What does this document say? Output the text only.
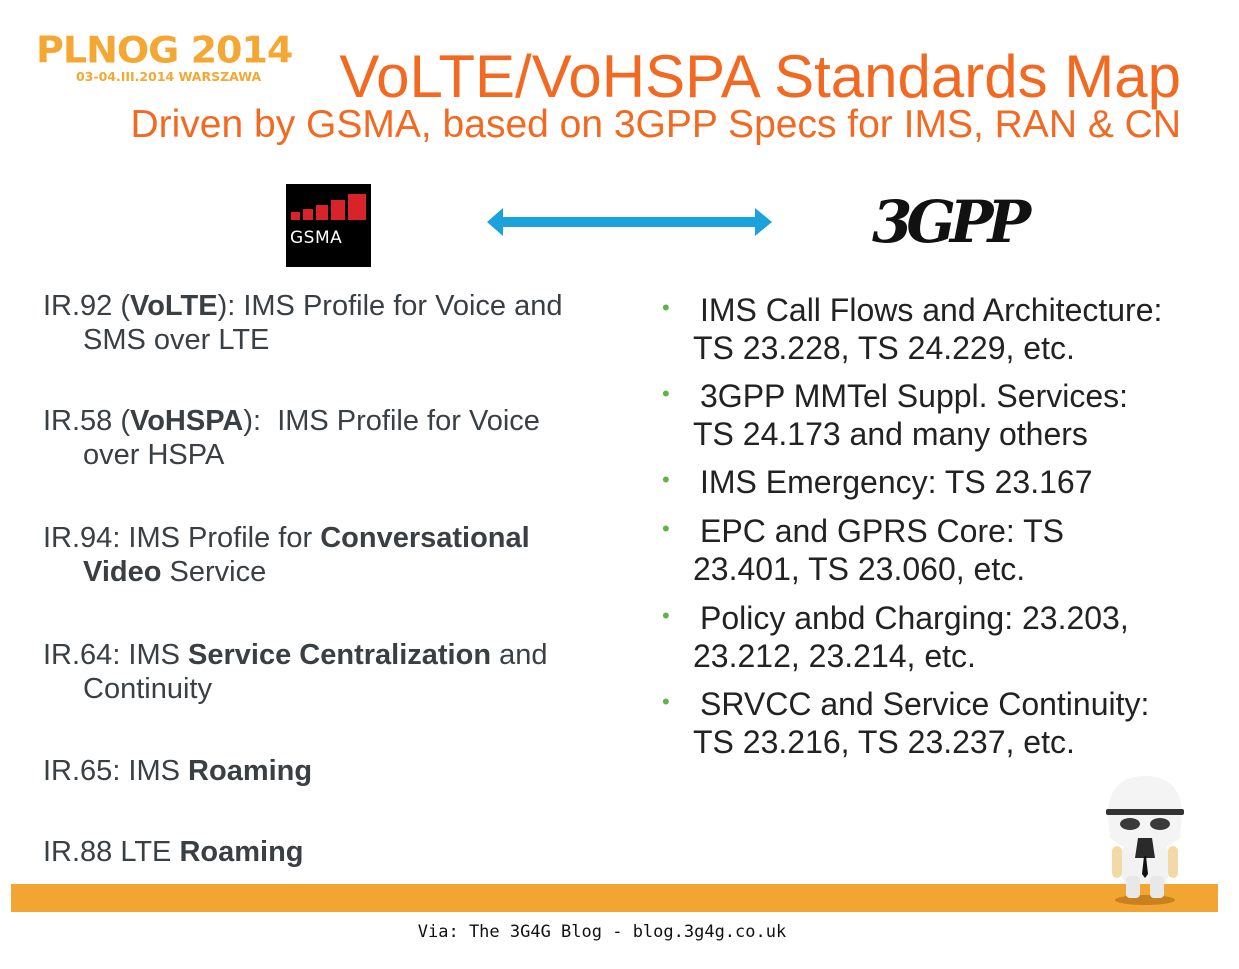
PLNOG 2014
03-04.III.2014 WARSZAWA VoLTE/VoHSPA Standards Map
Driven by GSMA, based on 3GPP Specs for IMS, RAN & CN
GSMA	3GPP
IR.92 (VoLTE): IMS Profile for Voice and
SMS over LTE
IR.58 (VoHSPA):  IMS Profile for Voice
over HSPA
IR.94: IMS Profile for Conversational
Video Service
IR.64: IMS Service Centralization and
Continuity
IR.65: IMS Roaming
IR.88 LTE Roaming
• IMS Call Flows and Architecture:
TS 23.228, TS 24.229, etc.
• 3GPP MMTel Suppl. Services:
TS 24.173 and many others
• IMS Emergency: TS 23.167
• EPC and GPRS Core: TS
23.401, TS 23.060, etc.
• Policy anbd Charging: 23.203,
23.212, 23.214, etc.
• SRVCC and Service Continuity:
TS 23.216, TS 23.237, etc.
Via: The 3G4G Blog - blog.3g4g.co.uk
